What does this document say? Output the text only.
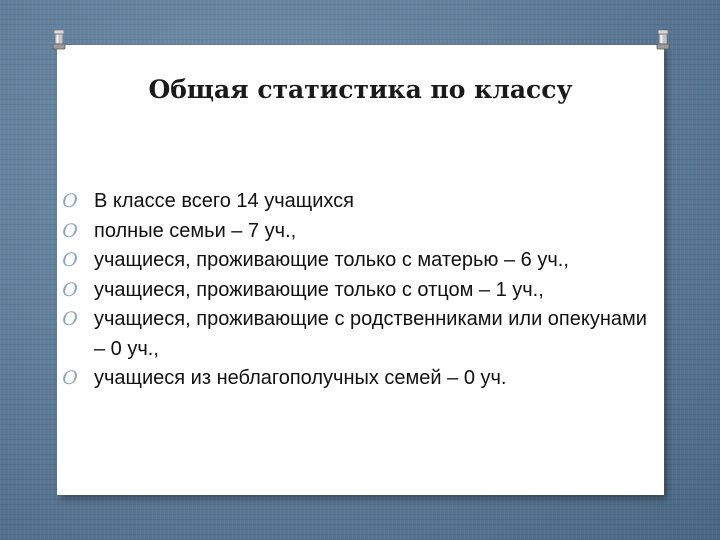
Общая статистика по классу
O В классе всего 14 учащихся
O полные семьи – 7 уч.,
O учащиеся, проживающие только с матерью – 6 уч.,
O учащиеся, проживающие только с отцом – 1 уч.,
O учащиеся, проживающие с родственниками или опекунами – 0 уч.,
O учащиеся из неблагополучных семей – 0 уч.
